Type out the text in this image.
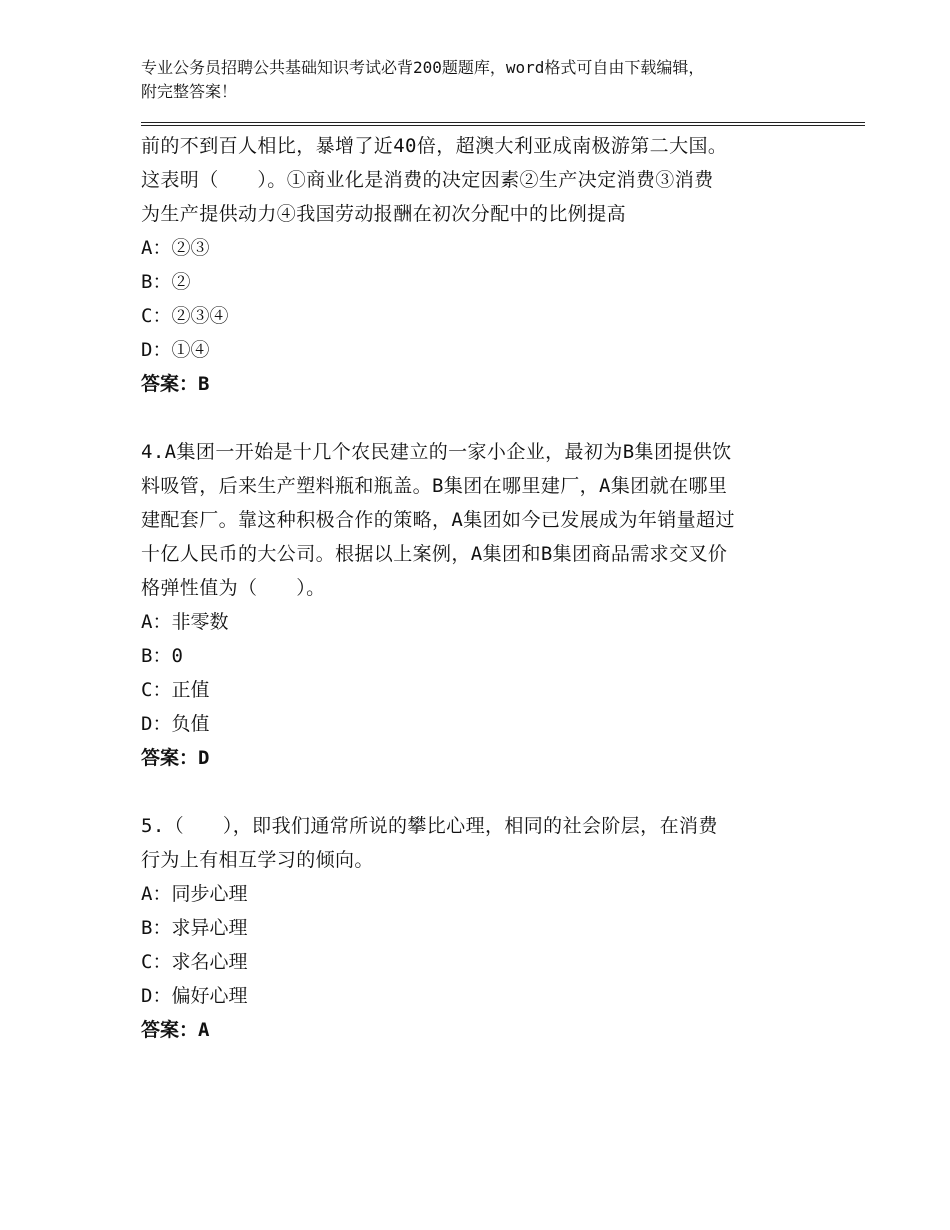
专业公务员招聘公共基础知识考试必背200题题库，word格式可自由下载编辑，
附完整答案！

前的不到百人相比，暴增了近40倍，超澳大利亚成南极游第二大国。

这表明（　　）。①商业化是消费的决定因素②生产决定消费③消费

为生产提供动力④我国劳动报酬在初次分配中的比例提高

A：②③

B：②

C：②③④

D：①④

答案：B

4.A集团一开始是十几个农民建立的一家小企业，最初为B集团提供饮

料吸管，后来生产塑料瓶和瓶盖。B集团在哪里建厂，A集团就在哪里

建配套厂。靠这种积极合作的策略，A集团如今已发展成为年销量超过

十亿人民币的大公司。根据以上案例，A集团和B集团商品需求交叉价

格弹性值为（　　）。

A：非零数

B：0

C：正值

D：负值

答案：D

5.（　　），即我们通常所说的攀比心理，相同的社会阶层，在消费

行为上有相互学习的倾向。

A：同步心理

B：求异心理

C：求名心理

D：偏好心理

答案：A
